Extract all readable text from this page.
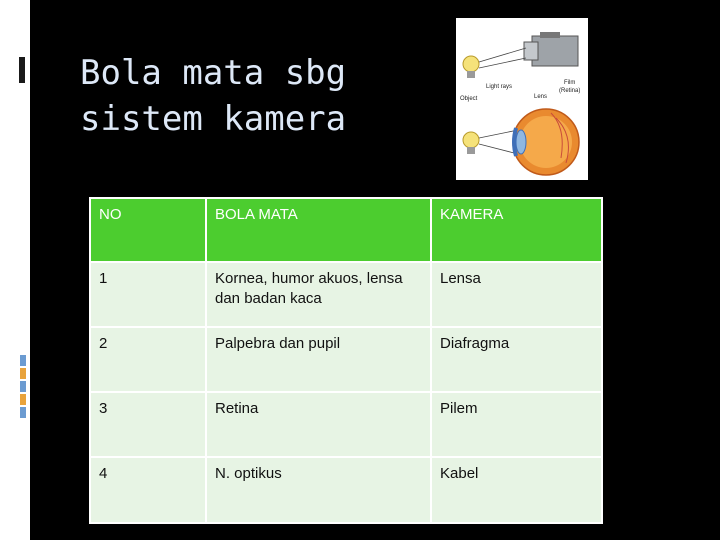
Bola mata sbg sistem kamera
Light rays
Object
Film
(Retina)
Lens
NO	BOLA MATA	KAMERA
1	Kornea, humor akuos, lensa dan badan kaca	Lensa
2	Palpebra dan pupil	Diafragma
3	Retina	Pilem
4	N. optikus	Kabel
